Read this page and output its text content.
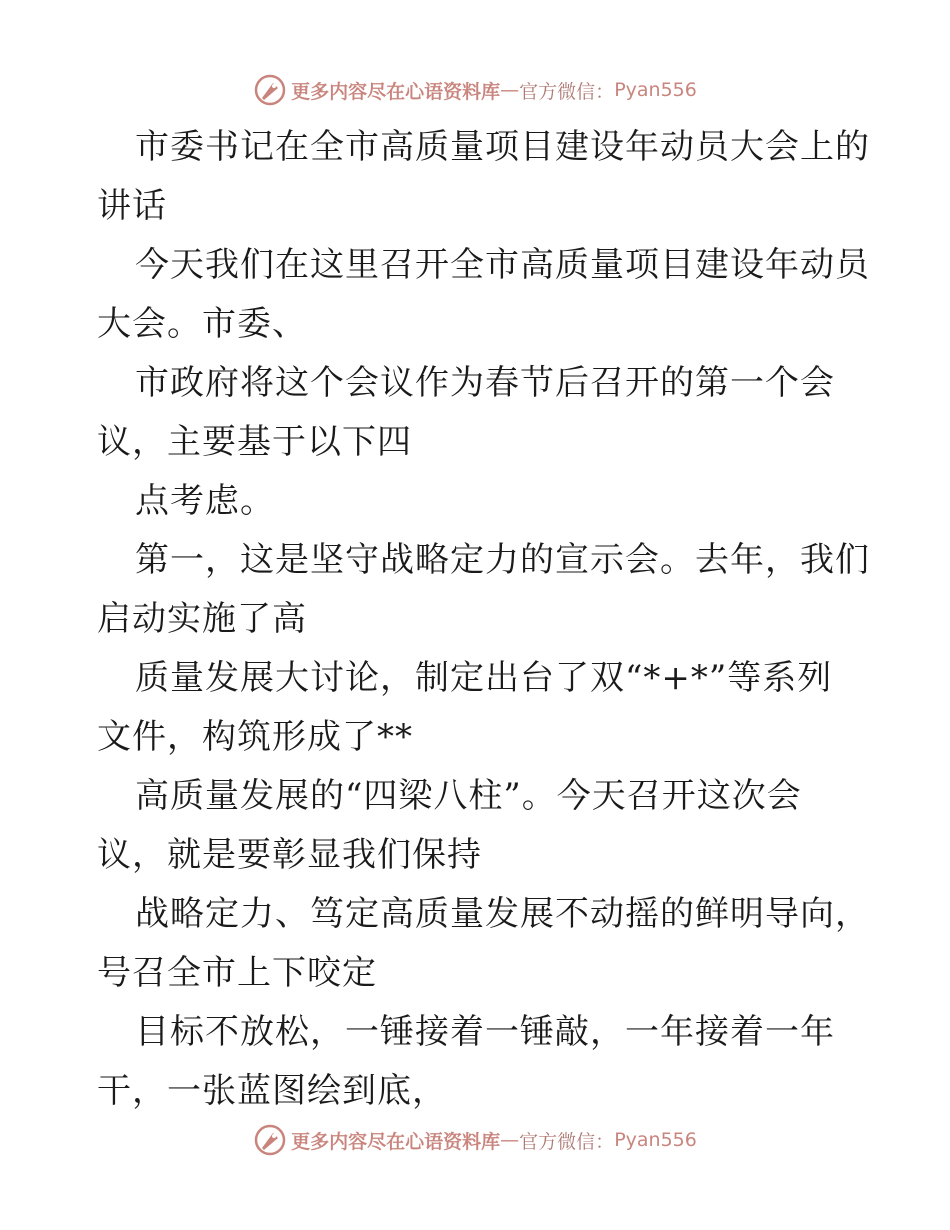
更多内容尽在心语资料库 — 官方微信： Pyan556
市委书记在全市高质量项目建设年动员大会上的
讲话
今天我们在这里召开全市高质量项目建设年动员
大会。市委、
市政府将这个会议作为春节后召开的第一个会
议，主要基于以下四
点考虑。
第一，这是坚守战略定力的宣示会。去年，我们
启动实施了高
质量发展大讨论，制定出台了双“*+*”等系列
文件，构筑形成了**
高质量发展的“四梁八柱”。今天召开这次会
议，就是要彰显我们保持
战略定力、笃定高质量发展不动摇的鲜明导向，
号召全市上下咬定
目标不放松，一锤接着一锤敲，一年接着一年
干，一张蓝图绘到底，
更多内容尽在心语资料库 — 官方微信： Pyan556
